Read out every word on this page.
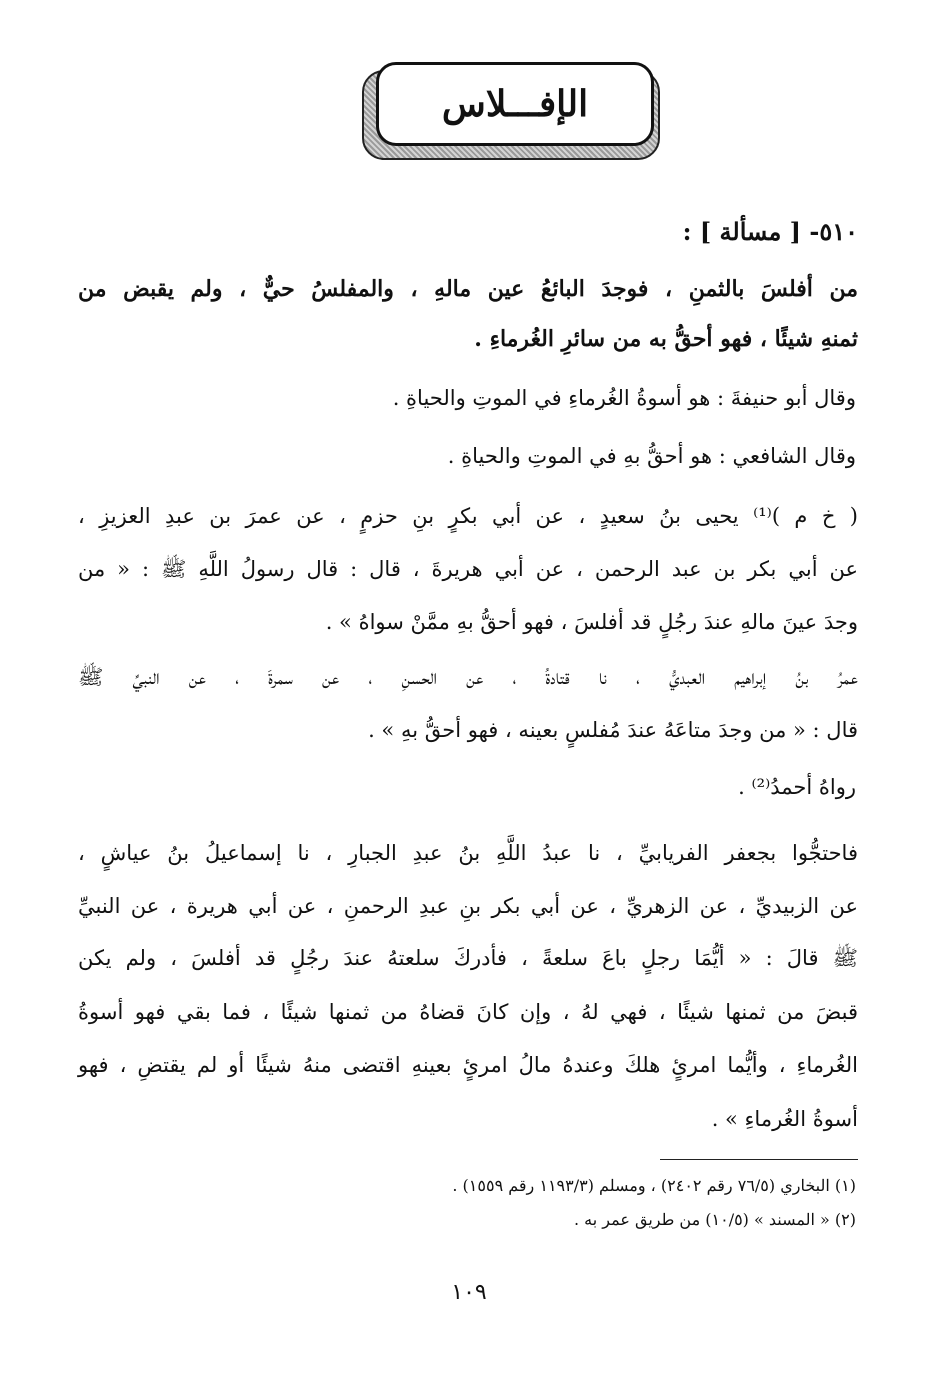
الإفـــلاس
٥١٠- [ مسألة ] :
من أفلسَ بالثمنِ ، فوجدَ البائعُ عين مالهِ ، والمفلسُ حيٌّ ، ولم يقبض من
ثمنهِ شيئًا ، فهو أحقُّ به من سائرِ الغُرماءِ .
وقال أبو حنيفةَ : هو أسوةُ الغُرماءِ في الموتِ والحياةِ .
وقال الشافعي : هو أحقُّ بهِ في الموتِ والحياةِ .
( خ م )⁽¹⁾ يحيى بنُ سعيدٍ ، عن أبي بكرٍ بنِ حزمٍ ، عن عمرَ بن عبدِ العزيزِ ،
عن أبي بكر بن عبد الرحمن ، عن أبي هريرةَ ، قال : قال رسولُ اللَّهِ ﷺ : « من
وجدَ عينَ مالهِ عندَ رجُلٍ قد أفلسَ ، فهو أحقُّ بهِ ممَّنْ سواهُ » .
عمرُ بنُ إبراهيم العبديُّ ، نا قتادةُ ، عن الحسنِ ، عن سمرةَ ، عن النبيِّ ﷺ
قال : « من وجدَ متاعَهُ عندَ مُفلسٍ بعينه ، فهو أحقُّ بهِ » .
رواهُ أحمدُ⁽²⁾ .
فاحتجُّوا بجعفر الفريابيِّ ، نا عبدُ اللَّهِ بنُ عبدِ الجبارِ ، نا إسماعيلُ بنُ عياشٍ ،
عن الزبيديِّ ، عن الزهريِّ ، عن أبي بكر بنِ عبدِ الرحمنِ ، عن أبي هريرة ، عن النبيِّ
ﷺ قالَ : « أيُّمَا رجلٍ باعَ سلعةً ، فأدركَ سلعتهُ عندَ رجُلٍ قد أفلسَ ، ولم يكن
قبضَ من ثمنها شيئًا ، فهي لهُ ، وإن كانَ قضاهُ من ثمنها شيئًا ، فما بقي فهو أسوةُ
الغُرماءِ ، وأيُّما امرئٍ هلكَ وعندهُ مالُ امرئٍ بعينهِ اقتضى منهُ شيئًا أو لم يقتضِ ، فهو
أسوةُ الغُرماءِ » .
(١) البخاري (٧٦/٥ رقم ٢٤٠٢) ، ومسلم (١١٩٣/٣ رقم ١٥٥٩) .
(٢) « المسند » (١٠/٥) من طريق عمر به .
١٠٩
